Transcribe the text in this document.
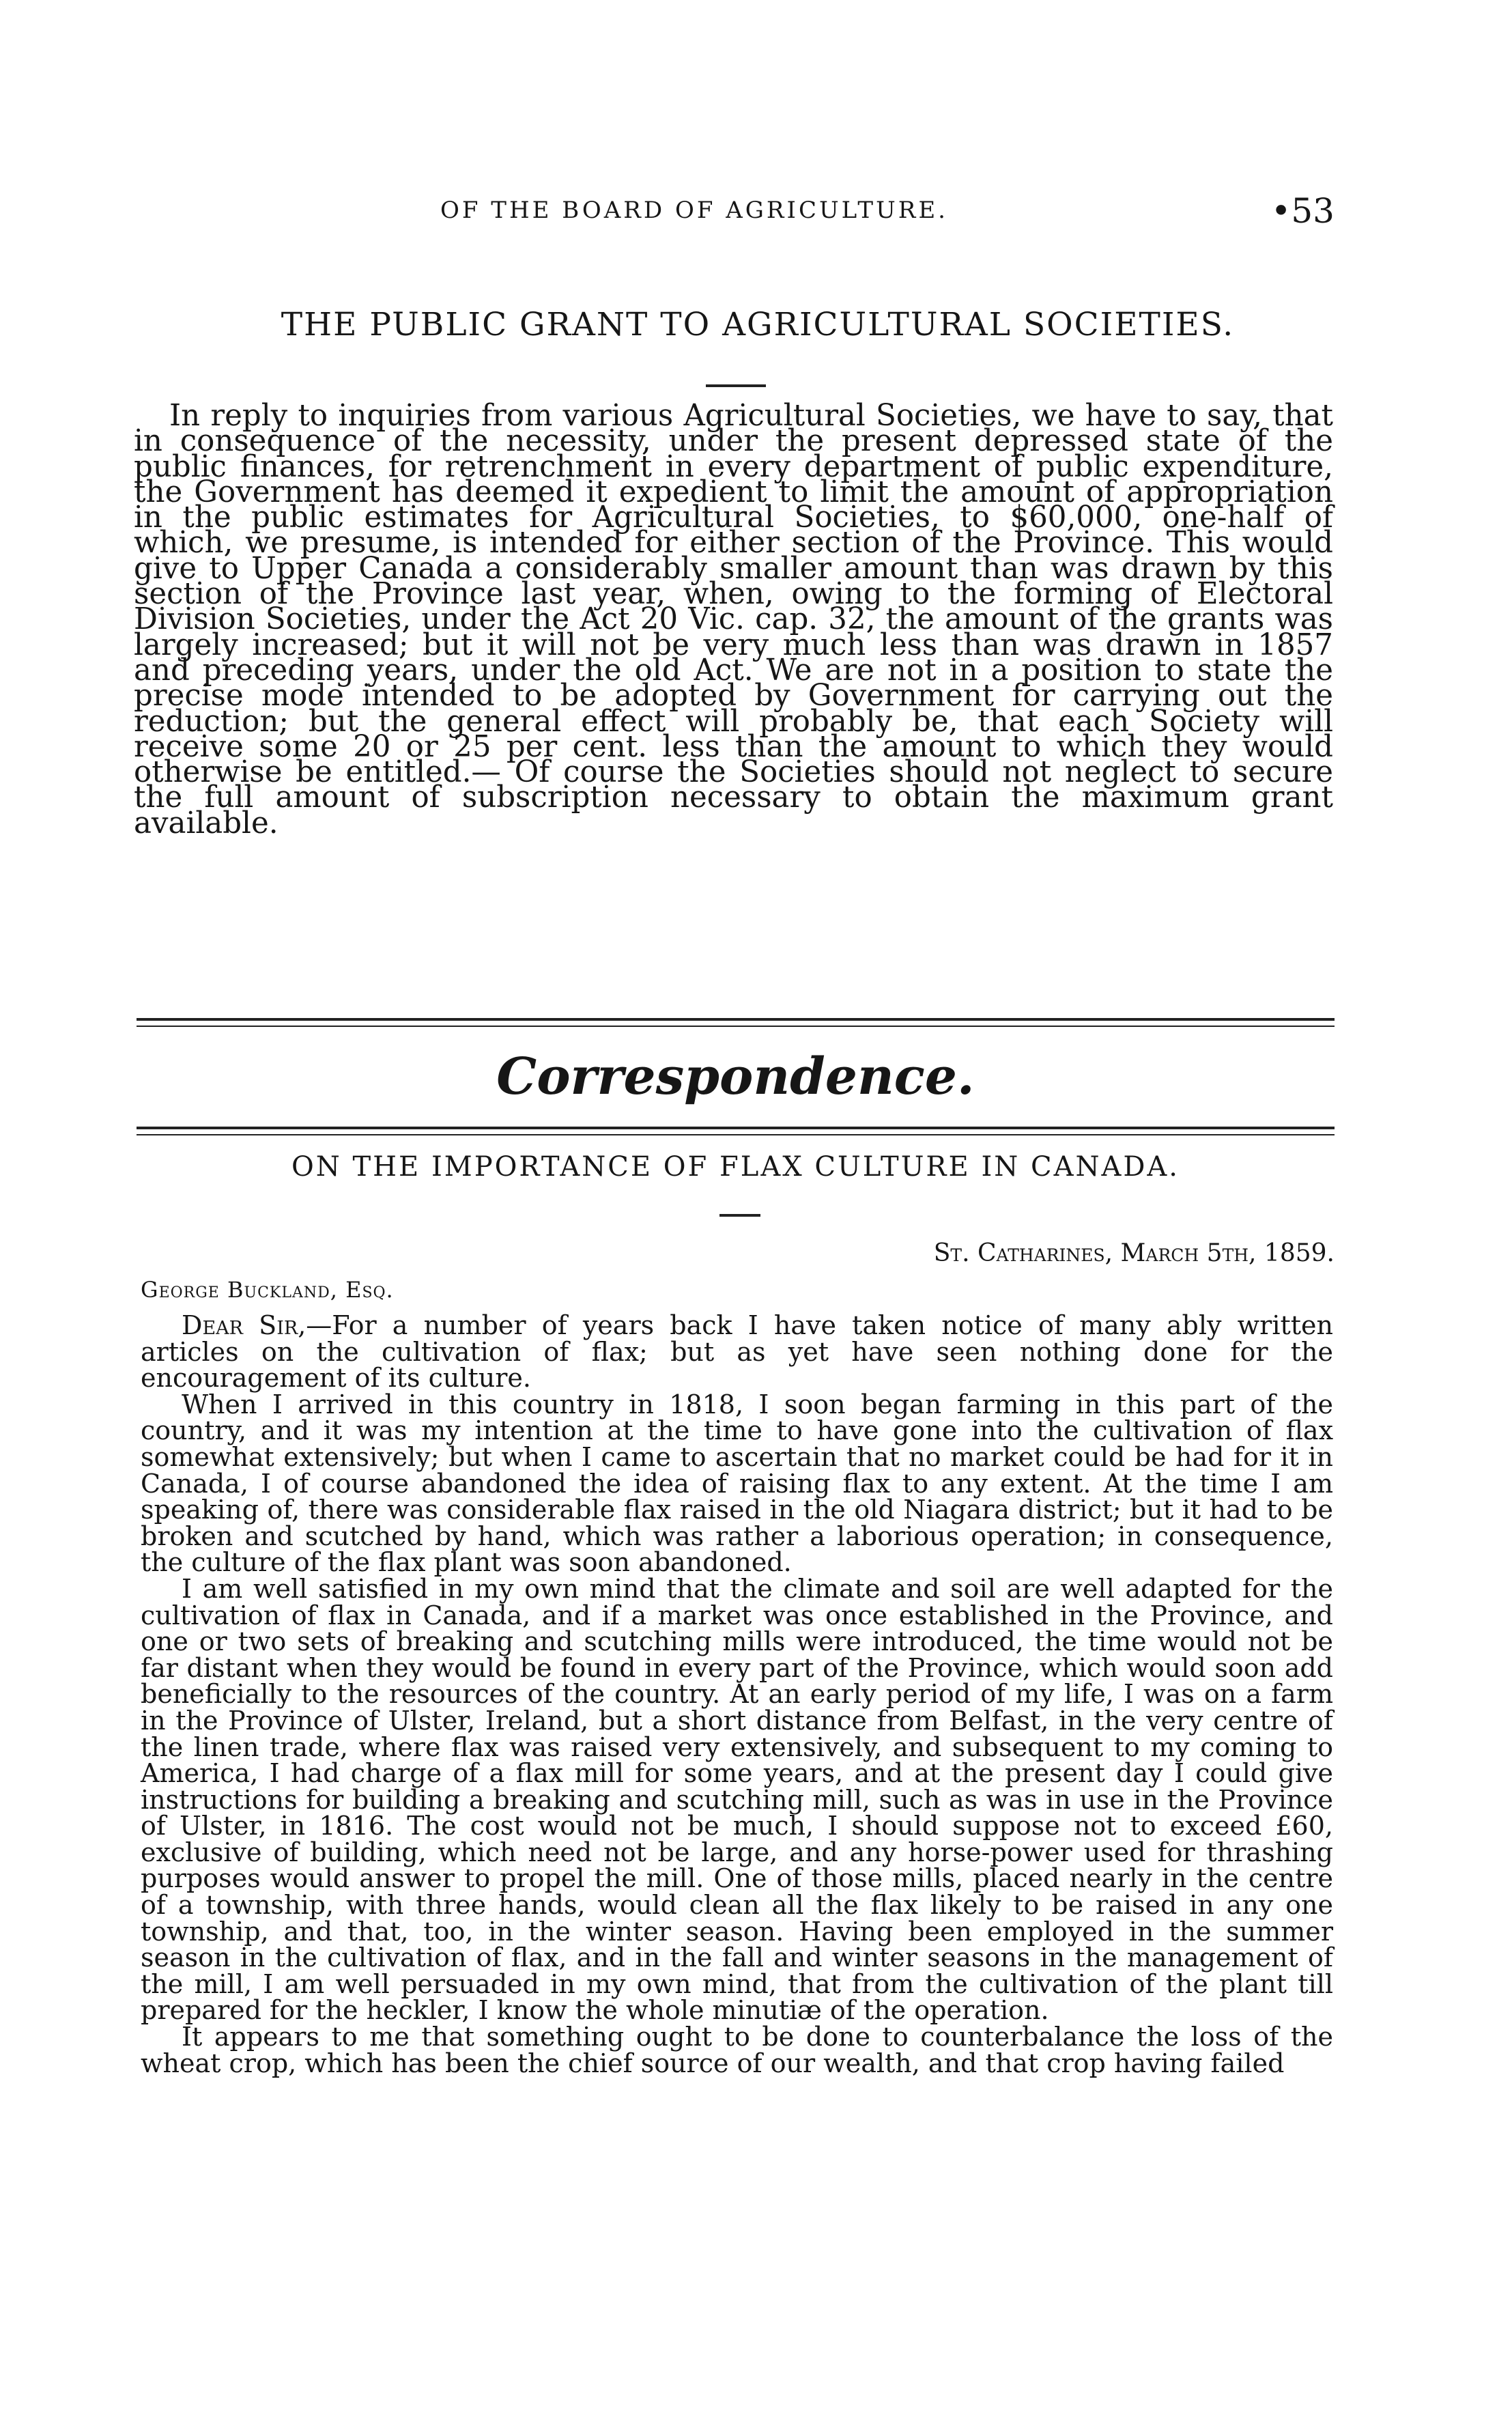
OF THE BOARD OF AGRICULTURE.	•53
THE PUBLIC GRANT TO AGRICULTURAL SOCIETIES.

In reply to inquiries from various Agricultural Societies, we have to say, that in consequence of the necessity, under the present depressed state of the public finances, for retrenchment in every department of public expenditure, the Government has deemed it expedient to limit the amount of appropriation in the public estimates for Agricultural Societies, to $60,000, one-half of which, we presume, is intended for either section of the Province. This would give to Upper Canada a considerably smaller amount than was drawn by this section of the Province last year, when, owing to the forming of Electoral Division Societies, under the Act 20 Vic. cap. 32, the amount of the grants was largely increased; but it will not be very much less than was drawn in 1857 and preceding years, under the old Act. We are not in a position to state the precise mode intended to be adopted by Government for carrying out the reduction; but the general effect will probably be, that each Society will receive some 20 or 25 per cent. less than the amount to which they would otherwise be entitled.— Of course the Societies should not neglect to secure the full amount of subscription necessary to obtain the maximum grant available.

Correspondence.
ON THE IMPORTANCE OF FLAX CULTURE IN CANADA.
St. Catharines, March 5th, 1859.
George Buckland, Esq.

Dear Sir,—For a number of years back I have taken notice of many ably written articles on the cultivation of flax; but as yet have seen nothing done for the encouragement of its culture.

When I arrived in this country in 1818, I soon began farming in this part of the country, and it was my intention at the time to have gone into the cultivation of flax somewhat extensively; but when I came to ascertain that no market could be had for it in Canada, I of course abandoned the idea of raising flax to any extent. At the time I am speaking of, there was considerable flax raised in the old Niagara district; but it had to be broken and scutched by hand, which was rather a laborious operation; in consequence, the culture of the flax plant was soon abandoned.

I am well satisfied in my own mind that the climate and soil are well adapted for the cultivation of flax in Canada, and if a market was once established in the Province, and one or two sets of breaking and scutching mills were introduced, the time would not be far distant when they would be found in every part of the Province, which would soon add beneficially to the resources of the country. At an early period of my life, I was on a farm in the Province of Ulster, Ireland, but a short distance from Belfast, in the very centre of the linen trade, where flax was raised very extensively, and subsequent to my coming to America, I had charge of a flax mill for some years, and at the present day I could give instructions for building a breaking and scutching mill, such as was in use in the Province of Ulster, in 1816. The cost would not be much, I should suppose not to exceed £60, exclusive of building, which need not be large, and any horse-power used for thrashing purposes would answer to propel the mill. One of those mills, placed nearly in the centre of a township, with three hands, would clean all the flax likely to be raised in any one township, and that, too, in the winter season. Having been employed in the summer season in the cultivation of flax, and in the fall and winter seasons in the management of the mill, I am well persuaded in my own mind, that from the cultivation of the plant till prepared for the heckler, I know the whole minutiæ of the operation.

It appears to me that something ought to be done to counterbalance the loss of the wheat crop, which has been the chief source of our wealth, and that crop having failed
